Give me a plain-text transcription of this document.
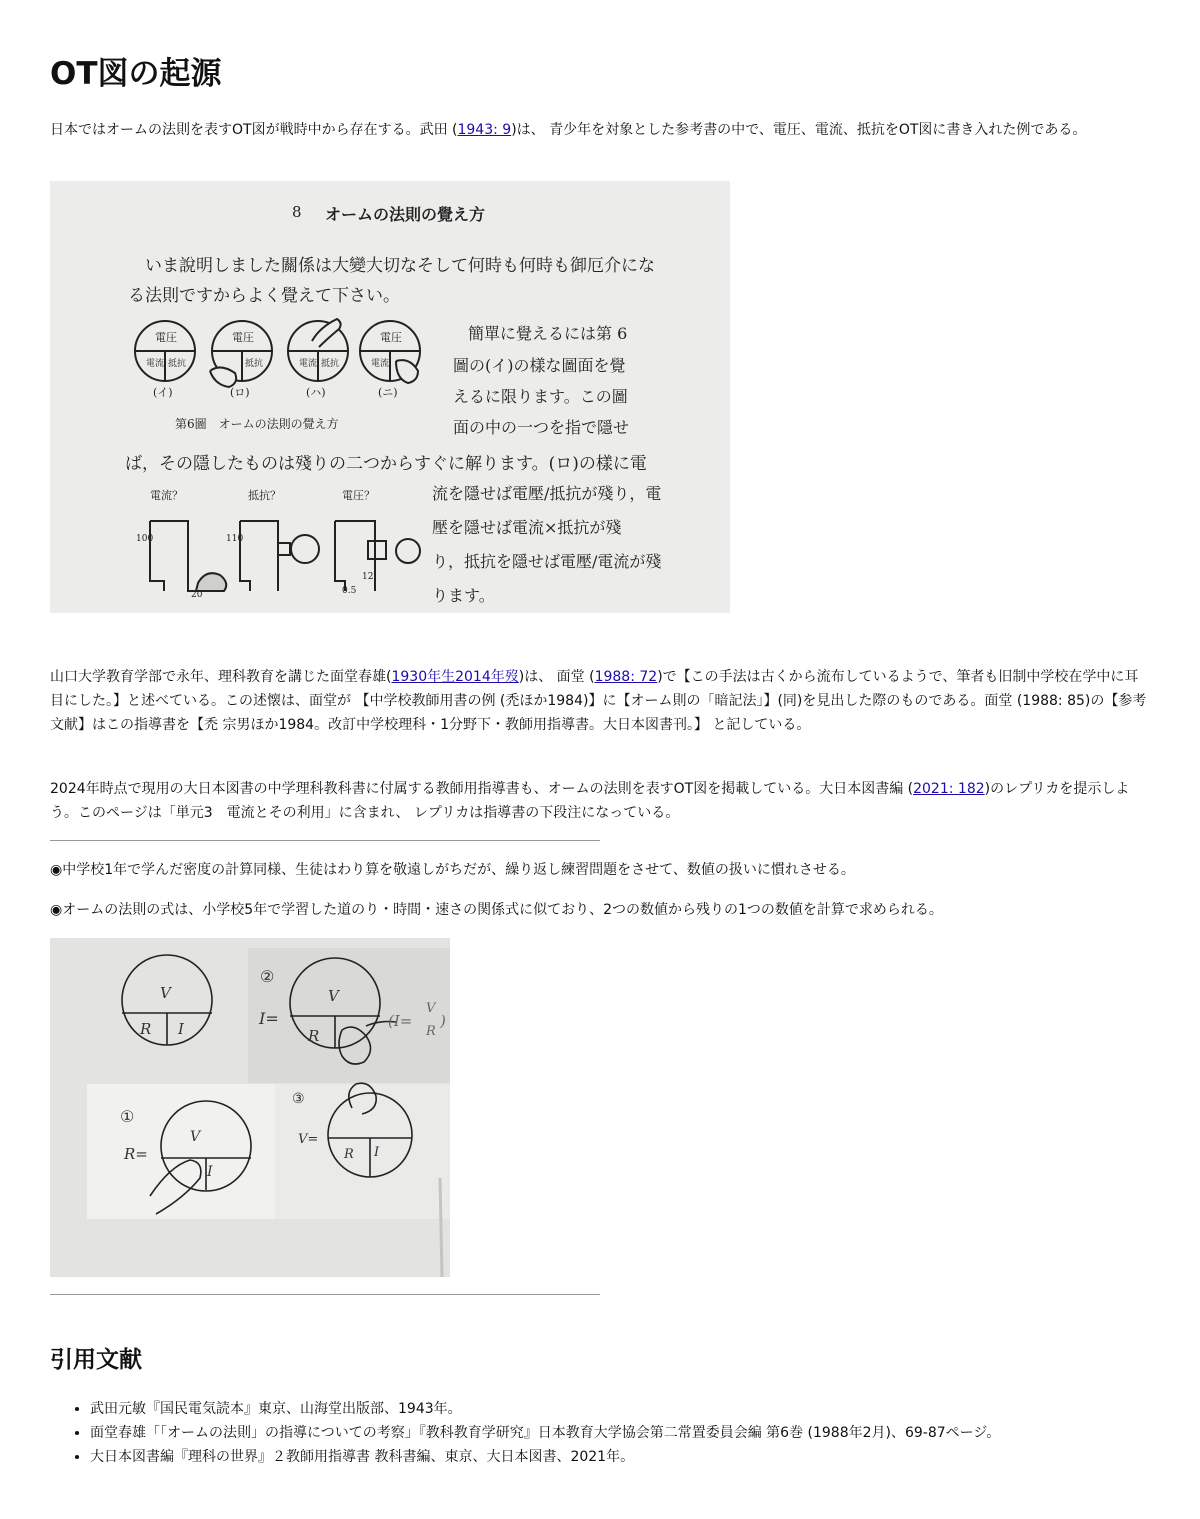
OT図の起源

日本ではオームの法則を表すOT図が戦時中から存在する。武田 (1943: 9)は、 青少年を対象とした参考書の中で、電圧、電流、抵抗をOT図に書き入れた例である。

8 オームの法則の覺え方
いま說明しました關係は大變大切なそして何時も何時も御厄介にな
る法則ですからよく覺えて下さい。
電圧
電流 抵抗
(イ)
電圧
抵抗
(ロ)
電流 抵抗
(ハ)
電圧
電流
(ニ)
第6圖　オームの法則の覺え方
簡單に覺えるには第 6
圖の(イ)の樣な圖面を覺
えるに限ります。この圖
面の中の一つを指で隱せ
ば，その隱したものは殘りの二つからすぐに解ります。(ロ)の樣に電
電流？	抵抗？	電圧？
100	110
20
12
0.5
流を隱せば電壓/抵抗が殘り，電
壓を隱せば電流×抵抗が殘
り，抵抗を隱せば電壓/電流が殘
ります。

山口大学教育学部で永年、理科教育を講じた面堂春雄(1930年生2014年歿)は、 面堂 (1988: 72)で【この手法は古くから流布しているようで、筆者も旧制中学校在学中に耳目にした。】と述べている。この述懐は、面堂が 【中学校教師用書の例 (禿ほか1984)】に【オーム則の「暗記法」】(同)を見出した際のものである。面堂 (1988: 85)の【参考文献】はこの指導書を【禿 宗男ほか1984。改訂中学校理科・1分野下・教師用指導書。大日本図書刊。】 と記している。

2024年時点で現用の大日本図書の中学理科教科書に付属する教師用指導書も、オームの法則を表すOT図を掲載している。大日本図書編 (2021: 182)のレプリカを提示しよう。このページは「単元3　電流とその利用」に含まれ、 レプリカは指導書の下段注になっている。

◉中学校1年で学んだ密度の計算同様、生徒はわり算を敬遠しがちだが、繰り返し練習問題をさせて、数値の扱いに慣れさせる。

◉オームの法則の式は、小学校5年で学習した道のり・時間・速さの関係式に似ており、2つの数値から残りの1つの数値を計算で求められる。

V
R I
②
I=
V
R
(I=
V
R
)
①
R=
V
I
③
V=
R I
引用文献
• 武田元敏『国民電気読本』東京、山海堂出版部、1943年。
• 面堂春雄「「オームの法則」の指導についての考察」『教科教育学研究』日本教育大学協会第二常置委員会編 第6巻 (1988年2月)、69-87ページ。
• 大日本図書編『理科の世界』２教師用指導書 教科書編、東京、大日本図書、2021年。
